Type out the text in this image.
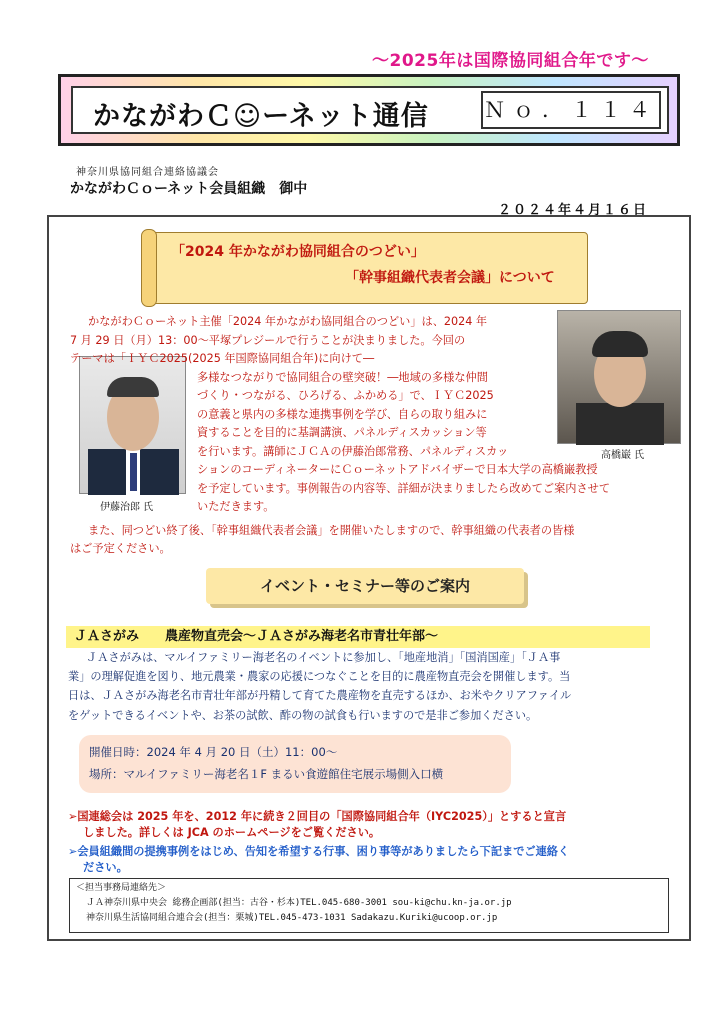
～2025年は国際協同組合年です～
かながわＣ☺ーネット通信	Ｎｏ．１１４
神奈川県協同組合連絡協議会
かながわＣｏーネット会員組織　御中
２０２４年４月１６日
「2024 年かながわ協同組合のつどい」
「幹事組織代表者会議」について
高橋巌 氏
伊藤治郎 氏
かながわＣｏーネット主催「2024 年かながわ協同組合のつどい」は、2024 年
7 月 29 日（月）13：00～平塚プレジールで行うことが決まりました。今回の
テーマは「ＩＹＣ2025(2025 年国際協同組合年)に向けて―
多様なつながりで協同組合の壁突破！―地域の多様な仲間
づくり・つながる、ひろげる、ふかめる」で、ＩＹＣ2025
の意義と県内の多様な連携事例を学び、自らの取り組みに
資することを目的に基調講演、パネルディスカッション等
を行います。講師にＪＣＡの伊藤治郎常務、パネルディスカッ
ションのコーディネーターにＣｏーネットアドバイザーで日本大学の高橋巌教授
を予定しています。事例報告の内容等、詳細が決まりましたら改めてご案内させて
いただきます。
また、同つどい終了後、「幹事組織代表者会議」を開催いたしますので、幹事組織の代表者の皆様
はご予定ください。
イベント・セミナー等のご案内
ＪＡさがみ　　農産物直売会～ＪＡさがみ海老名市青壮年部～
ＪＡさがみは、マルイファミリー海老名のイベントに参加し、「地産地消」「国消国産」「ＪＡ事
業」の理解促進を図り、地元農業・農家の応援につなぐことを目的に農産物直売会を開催します。当
日は、ＪＡさがみ海老名市青壮年部が丹精して育てた農産物を直売するほか、お米やクリアファイル
をゲットできるイベントや、お茶の試飲、酢の物の試食も行いますので是非ご参加ください。
開催日時：2024 年 4 月 20 日（土）11：00～
場所：マルイファミリー海老名１F まるい食遊館住宅展示場側入口横
➢国連総会は 2025 年を、2012 年に続き２回目の「国際協同組合年（IYC2025）」とすると宣言
しました。詳しくは JCA のホームページをご覧ください。
➢会員組織間の提携事例をはじめ、告知を希望する行事、困り事等がありましたら下記までご連絡く
ださい。
＜担当事務局連絡先＞
ＪＡ神奈川県中央会 総務企画部(担当：古谷・杉本)TEL.045-680-3001 sou-ki@chu.kn-ja.or.jp
神奈川県生活協同組合連合会(担当：栗城)TEL.045-473-1031 Sadakazu.Kuriki@ucoop.or.jp
